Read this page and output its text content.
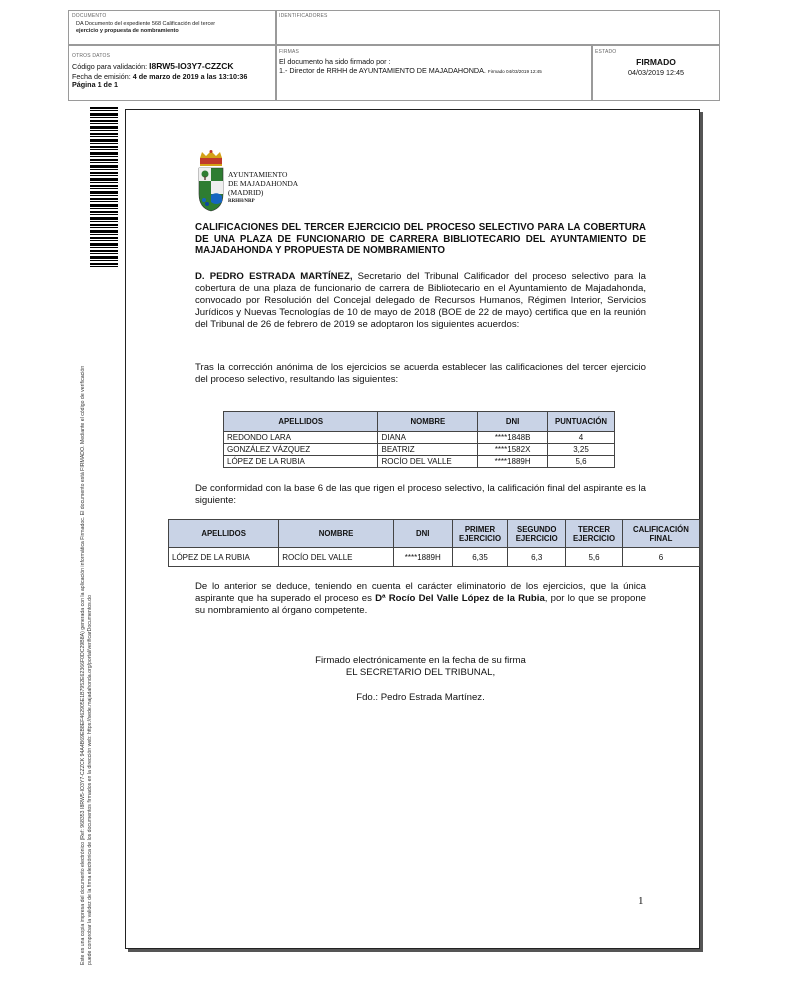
DOCUMENTO
DA Documento del expediente 568 Calificación del tercer
ejercicio y propuesta de nombramiento
IDENTIFICADORES
OTROS DATOS
Código para validación: I8RW5-IO3Y7-CZZCK
Fecha de emisión: 4 de marzo de 2019 a las 13:10:36
Página 1 de 1
FIRMAS
El documento ha sido firmado por :
1.- Director de RRHH de AYUNTAMIENTO DE MAJADAHONDA. Firmado 04/03/2019 12:45
ESTADO
FIRMADO
04/03/2019 12:45
Este es una copia impresa del documento electrónico (Ref: 968353 I8RW5-IO3Y7-CZZCK 94A4B69EB8EF462905E1B7952E62366F0DC29B8A) generada con la aplicación informática Firmadoc. El documento está FIRMADO. Mediante el código de verificación puede comprobar la validez de la firma electrónica de los documentos firmados en la dirección web: https://sede.majadahonda.org/portal/verificarDocumentos.do
AYUNTAMIENTO
DE MAJADAHONDA
(MADRID)
RRHH/NRP
CALIFICACIONES DEL TERCER EJERCICIO DEL PROCESO SELECTIVO PARA LA COBERTURA DE UNA PLAZA DE FUNCIONARIO DE CARRERA BIBLIOTECARIO DEL AYUNTAMIENTO DE MAJADAHONDA Y PROPUESTA DE NOMBRAMIENTO
D. PEDRO ESTRADA MARTÍNEZ, Secretario del Tribunal Calificador del proceso selectivo para la cobertura de una plaza de funcionario de carrera de Bibliotecario en el Ayuntamiento de Majadahonda, convocado por Resolución del Concejal delegado de Recursos Humanos, Régimen Interior, Servicios Jurídicos y Nuevas Tecnologías de 10 de mayo de 2018 (BOE de 22 de mayo) certifica que en la reunión del Tribunal de 26 de febrero de 2019 se adoptaron los siguientes acuerdos:
Tras la corrección anónima de los ejercicios se acuerda establecer las calificaciones del tercer ejercicio del proceso selectivo, resultando las siguientes:
APELLIDOS	NOMBRE	DNI	PUNTUACIÓN
REDONDO LARA	DIANA	****1848B	4
GONZÁLEZ VÁZQUEZ	BEATRIZ	****1582X	3,25
LÓPEZ DE LA RUBIA	ROCÍO DEL VALLE	****1889H	5,6
De conformidad con la base 6 de las que rigen el proceso selectivo, la calificación final del aspirante es la siguiente:
APELLIDOS	NOMBRE	DNI	PRIMER EJERCICIO	SEGUNDO EJERCICIO	TERCER EJERCICIO	CALIFICACIÓN FINAL
LÓPEZ DE LA RUBIA	ROCÍO DEL VALLE	****1889H	6,35	6,3	5,6	6
De lo anterior se deduce, teniendo en cuenta el carácter eliminatorio de los ejercicios, que la única aspirante que ha superado el proceso es Dª Rocío Del Valle López de la Rubia, por lo que se propone su nombramiento al órgano competente.
Firmado electrónicamente en la fecha de su firma
EL SECRETARIO DEL TRIBUNAL,
Fdo.: Pedro Estrada Martínez.
1
